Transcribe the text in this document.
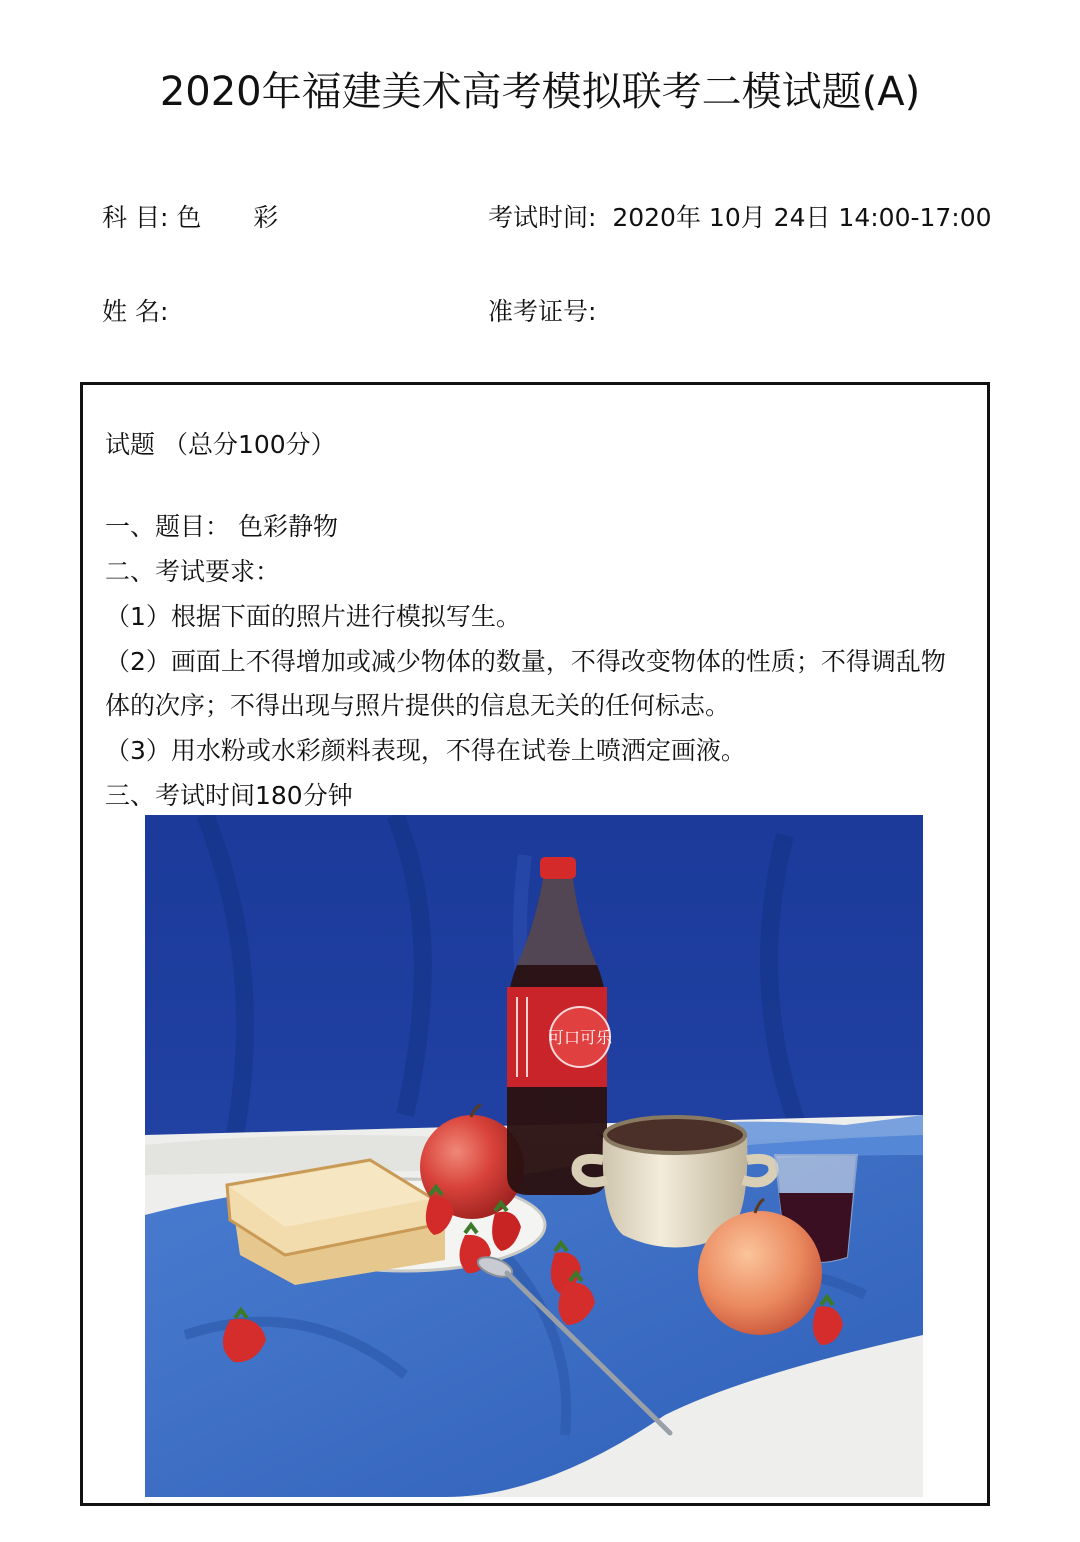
2020年福建美术高考模拟联考二模试题(A)
科 目: 色 彩	考试时间: 2020年 10月 24日 14:00-17:00
姓 名:	准考证号:
试题 （总分100分）
一、题目： 色彩静物
二、考试要求：
（1）根据下面的照片进行模拟写生。
（2）画面上不得增加或减少物体的数量，不得改变物体的性质；不得调乱物
体的次序；不得出现与照片提供的信息无关的任何标志。
（3）用水粉或水彩颜料表现，不得在试卷上喷洒定画液。
三、考试时间180分钟
可口可乐
